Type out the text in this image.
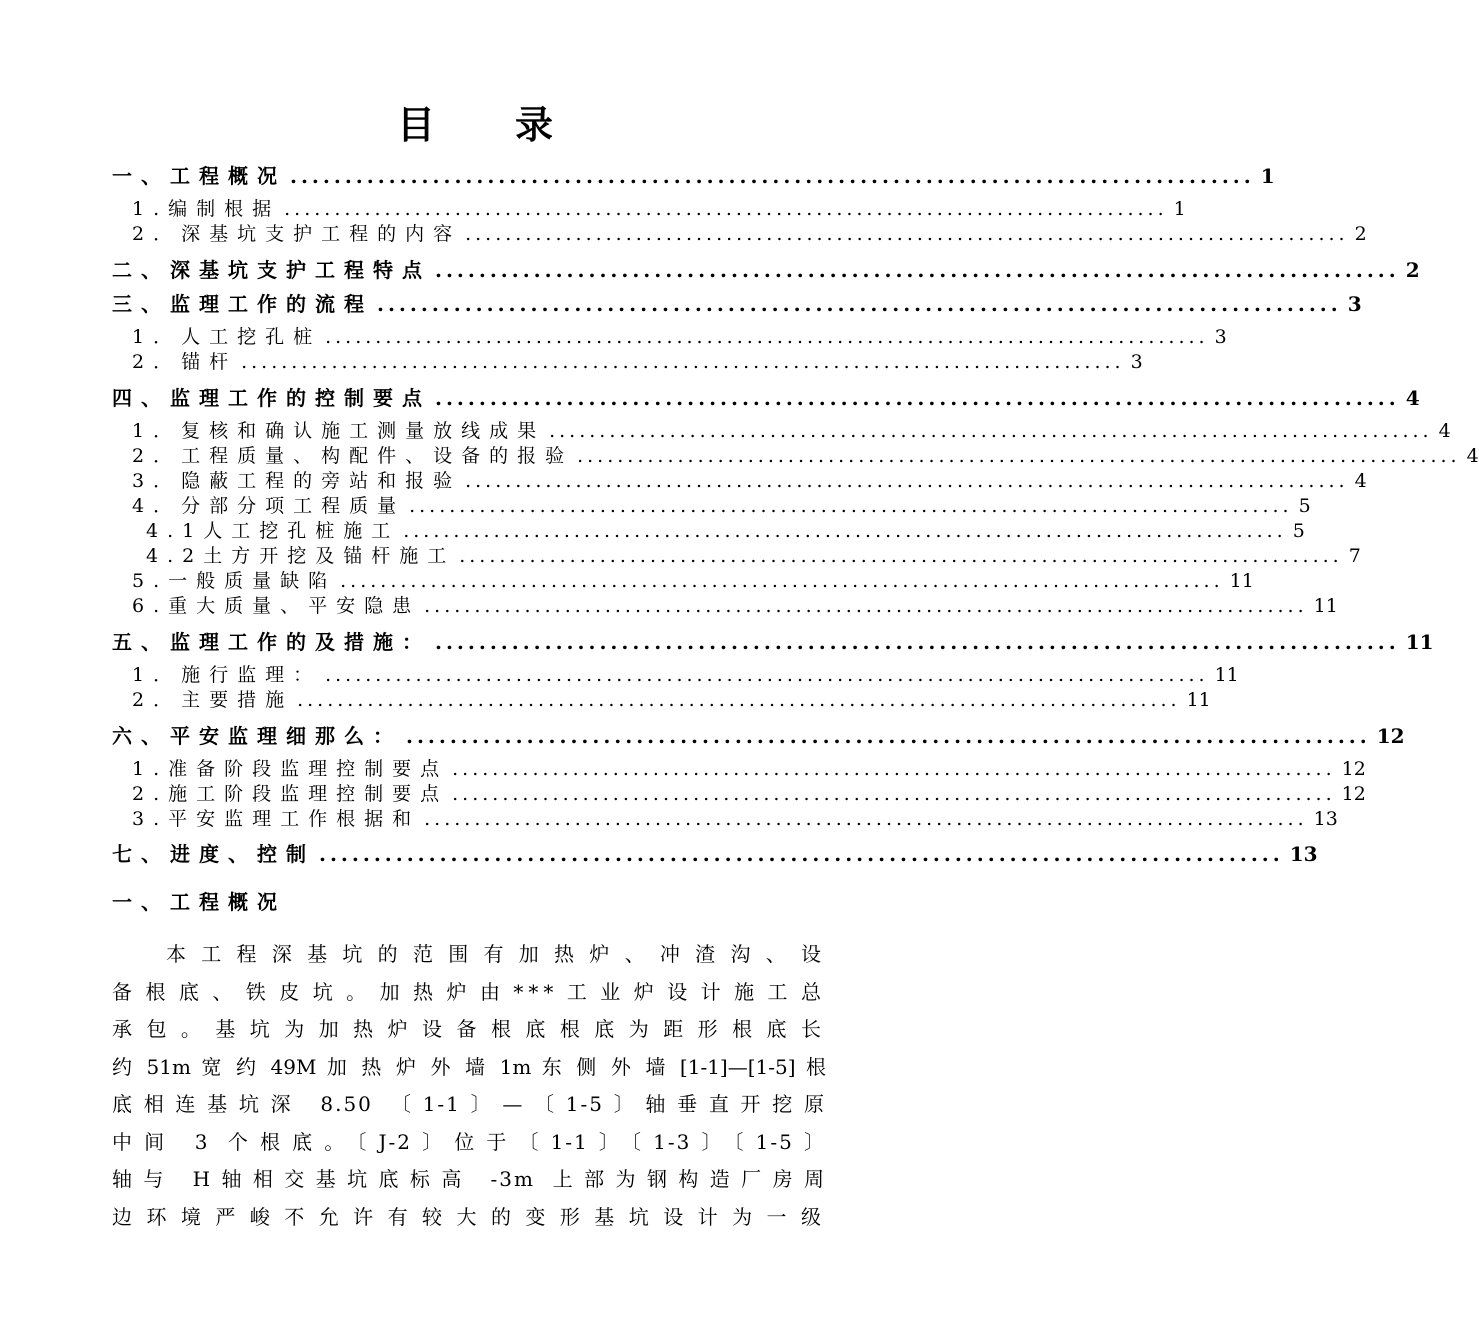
目 录
一、工程概况 ........................................................................................ 1
1.编制根据 ........................................................................................ 1
2．深基坑支护工程的内容 ........................................................................................ 2
二、深基坑支护工程特点 ........................................................................................ 2
三、监理工作的流程 ........................................................................................ 3
1．人工挖孔桩 ........................................................................................ 3
2．锚杆 ........................................................................................ 3
四、监理工作的控制要点 ........................................................................................ 4
1．复核和确认施工测量放线成果 ........................................................................................ 4
2．工程质量、构配件、设备的报验 ........................................................................................ 4
3．隐蔽工程的旁站和报验 ........................................................................................ 4
4．分部分项工程质量 ........................................................................................ 5
4.1人工挖孔桩施工 ........................................................................................ 5
4.2土方开挖及锚杆施工 ........................................................................................ 7
5.一般质量缺陷 ........................................................................................ 11
6.重大质量、平安隐患 ........................................................................................ 11
五、监理工作的及措施： ........................................................................................ 11
1．施行监理： ........................................................................................ 11
2．主要措施 ........................................................................................ 11
六、平安监理细那么： ........................................................................................ 12
1.准备阶段监理控制要点 ........................................................................................ 12
2.施工阶段监理控制要点 ........................................................................................ 12
3.平安监理工作根据和 ........................................................................................ 13
七、进度、控制 ........................................................................................ 13
一、工程概况
本工程深基坑的范围有加热炉、冲渣沟、设
备根底、铁皮坑。加热炉由***工业炉设计施工总
承包。基坑为加热炉设备根底根底为距形根底长
约 51m 宽 约 49M 加 热 炉 外 墙 1m 东 侧 外 墙 [1-1]—[1-5] 根
底相连基坑深 8.50 〔1-1〕—〔1-5〕轴垂直开挖原
中间 3 个根底。〔J-2〕位于〔1-1〕〔1-3〕〔1-5〕
轴与 H轴相交基坑底标高 -3m 上部为钢构造厂房周
边环境严峻不允许有较大的变形基坑设计为一级
